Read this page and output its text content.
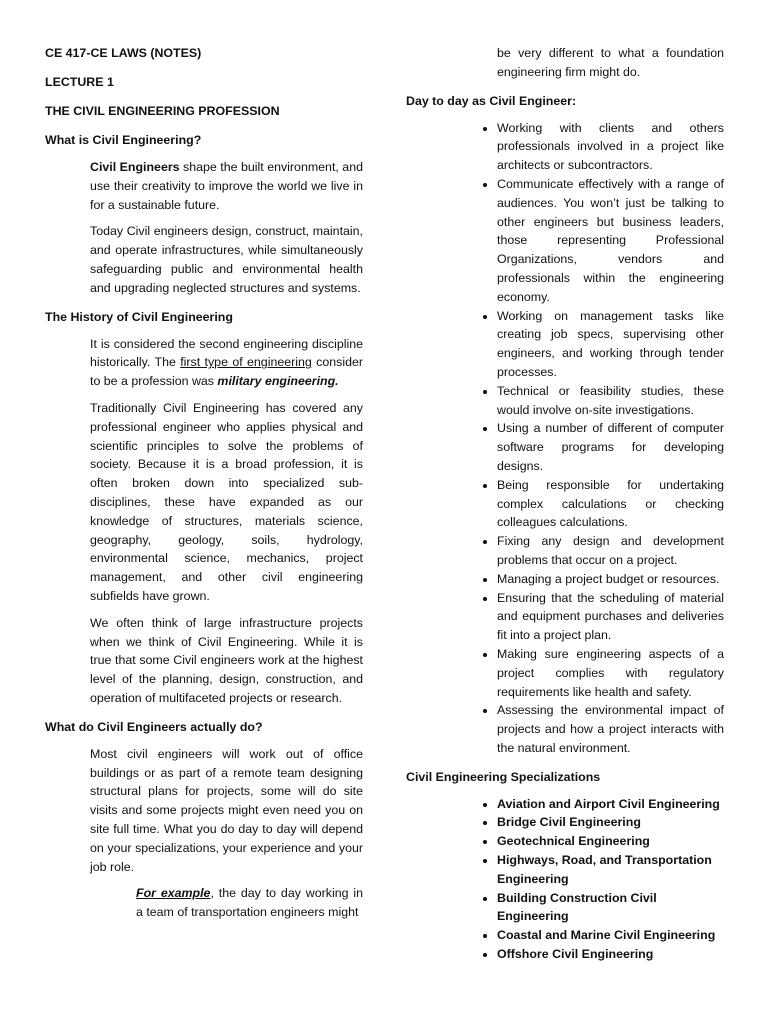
CE 417-CE LAWS (NOTES)
LECTURE 1
THE CIVIL ENGINEERING PROFESSION
What is Civil Engineering?

Civil Engineers shape the built environment, and use their creativity to improve the world we live in for a sustainable future.

Today Civil engineers design, construct, maintain, and operate infrastructures, while simultaneously safeguarding public and environmental health and upgrading neglected structures and systems.

The History of Civil Engineering

It is considered the second engineering discipline historically. The first type of engineering consider to be a profession was military engineering.

Traditionally Civil Engineering has covered any professional engineer who applies physical and scientific principles to solve the problems of society. Because it is a broad profession, it is often broken down into specialized sub-disciplines, these have expanded as our knowledge of structures, materials science, geography, geology, soils, hydrology, environmental science, mechanics, project management, and other civil engineering subfields have grown.

We often think of large infrastructure projects when we think of Civil Engineering. While it is true that some Civil engineers work at the highest level of the planning, design, construction, and operation of multifaceted projects or research.

What do Civil Engineers actually do?

Most civil engineers will work out of office buildings or as part of a remote team designing structural plans for projects, some will do site visits and some projects might even need you on site full time. What you do day to day will depend on your specializations, your experience and your job role.

For example, the day to day working in a team of transportation engineers might

be very different to what a foundation engineering firm might do.

Day to day as Civil Engineer:
• Working with clients and others professionals involved in a project like architects or subcontractors.
• Communicate effectively with a range of audiences. You won’t just be talking to other engineers but business leaders, those representing Professional Organizations, vendors and professionals within the engineering economy.
• Working on management tasks like creating job specs, supervising other engineers, and working through tender processes.
• Technical or feasibility studies, these would involve on-site investigations.
• Using a number of different of computer software programs for developing designs.
• Being responsible for undertaking complex calculations or checking colleagues calculations.
• Fixing any design and development problems that occur on a project.
• Managing a project budget or resources.
• Ensuring that the scheduling of material and equipment purchases and deliveries fit into a project plan.
• Making sure engineering aspects of a project complies with regulatory requirements like health and safety.
• Assessing the environmental impact of projects and how a project interacts with the natural environment.
Civil Engineering Specializations
• Aviation and Airport Civil Engineering
• Bridge Civil Engineering
• Geotechnical Engineering
• Highways, Road, and Transportation Engineering
• Building Construction Civil Engineering
• Coastal and Marine Civil Engineering
• Offshore Civil Engineering
